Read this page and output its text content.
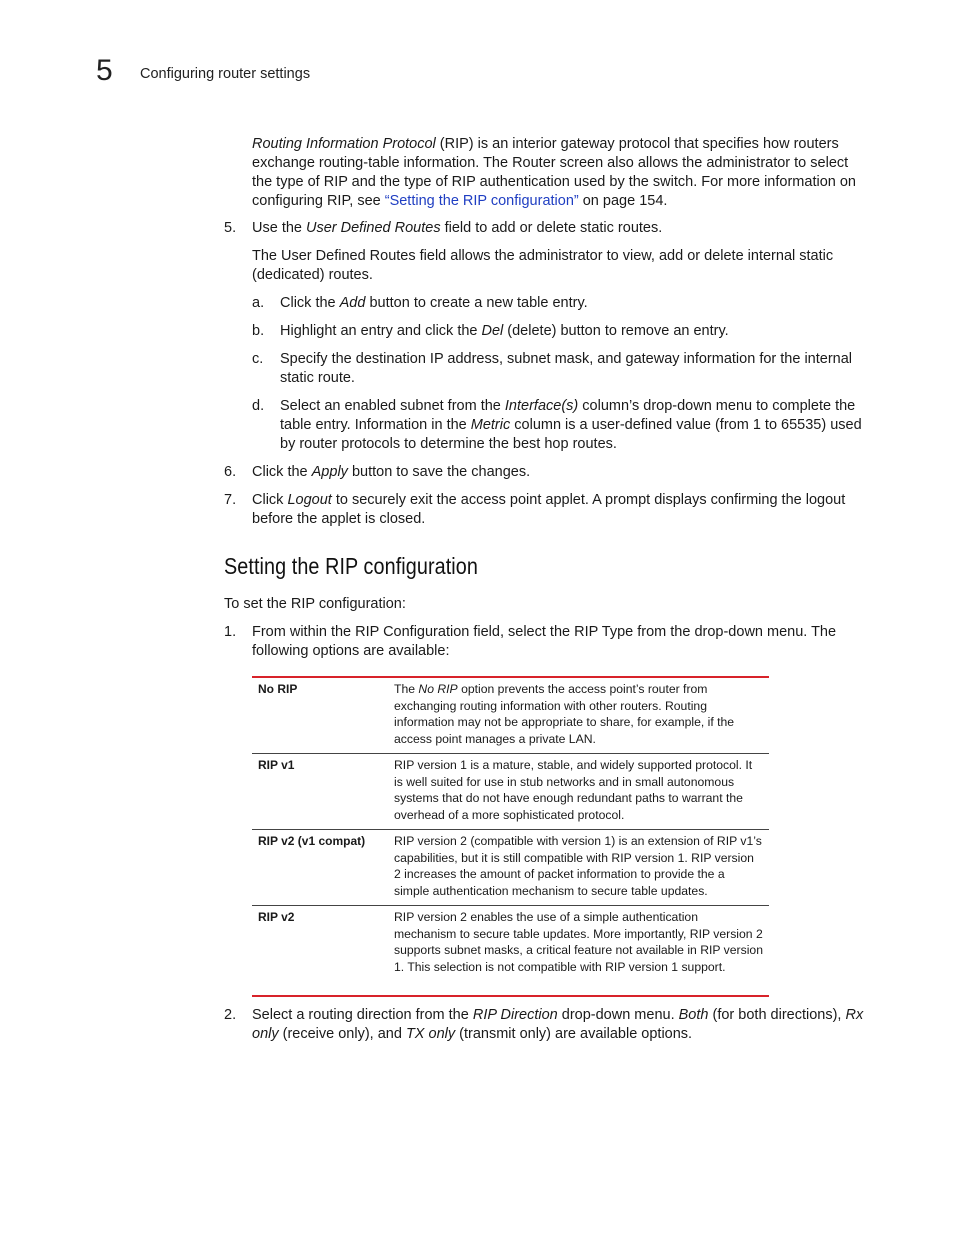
5 Configuring router settings

Routing Information Protocol (RIP) is an interior gateway protocol that specifies how routers exchange routing-table information. The Router screen also allows the administrator to select the type of RIP and the type of RIP authentication used by the switch. For more information on configuring RIP, see “Setting the RIP configuration” on page 154.

5. Use the User Defined Routes field to add or delete static routes.

The User Defined Routes field allows the administrator to view, add or delete internal static (dedicated) routes.

a. Click the Add button to create a new table entry.

b. Highlight an entry and click the Del (delete) button to remove an entry.

c. Specify the destination IP address, subnet mask, and gateway information for the internal static route.

d. Select an enabled subnet from the Interface(s) column’s drop-down menu to complete the table entry. Information in the Metric column is a user-defined value (from 1 to 65535) used by router protocols to determine the best hop routes.

6. Click the Apply button to save the changes.

7. Click Logout to securely exit the access point applet. A prompt displays confirming the logout before the applet is closed.

Setting the RIP configuration

To set the RIP configuration:

1. From within the RIP Configuration field, select the RIP Type from the drop-down menu. The following options are available:

No RIP	The No RIP option prevents the access point’s router from exchanging routing information with other routers. Routing information may not be appropriate to share, for example, if the access point manages a private LAN.
RIP v1	RIP version 1 is a mature, stable, and widely supported protocol. It is well suited for use in stub networks and in small autonomous systems that do not have enough redundant paths to warrant the overhead of a more sophisticated protocol.
RIP v2 (v1 compat)	RIP version 2 (compatible with version 1) is an extension of RIP v1’s capabilities, but it is still compatible with RIP version 1. RIP version 2 increases the amount of packet information to provide the a simple authentication mechanism to secure table updates.
RIP v2	RIP version 2 enables the use of a simple authentication mechanism to secure table updates. More importantly, RIP version 2 supports subnet masks, a critical feature not available in RIP version 1. This selection is not compatible with RIP version 1 support.
2. Select a routing direction from the RIP Direction drop-down menu. Both (for both directions), Rx only (receive only), and TX only (transmit only) are available options.
